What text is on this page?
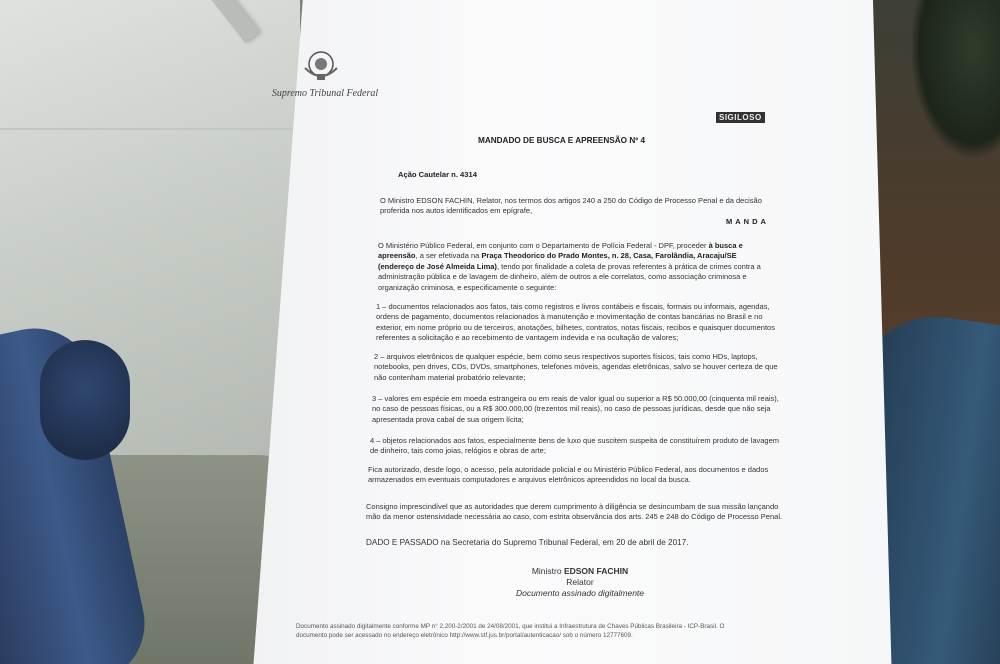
Supremo Tribunal Federal
SIGILOSO
MANDADO DE BUSCA E APREENSÃO Nº 4
Ação Cautelar n. 4314
O Ministro EDSON FACHIN, Relator, nos termos dos artigos 240 a 250 do Código de Processo Penal e da decisão proferida nos autos identificados em epígrafe,
MANDA

O Ministério Público Federal, em conjunto com o Departamento de Polícia Federal - DPF, proceder à busca e apreensão, a ser efetivada na Praça Theodorico do Prado Montes, n. 28, Casa, Farolândia, Aracaju/SE (endereço de José Almeida Lima), tendo por finalidade a coleta de provas referentes à prática de crimes contra a administração pública e de lavagem de dinheiro, além de outros a ele correlatos, como associação criminosa e organização criminosa, e especificamente o seguinte:

1 – documentos relacionados aos fatos, tais como registros e livros contábeis e fiscais, formais ou informais, agendas, ordens de pagamento, documentos relacionados à manutenção e movimentação de contas bancárias no Brasil e no exterior, em nome próprio ou de terceiros, anotações, bilhetes, contratos, notas fiscais, recibos e quaisquer documentos referentes a solicitação e ao recebimento de vantagem indevida e na ocultação de valores;
2 – arquivos eletrônicos de qualquer espécie, bem como seus respectivos suportes físicos, tais como HDs, laptops, notebooks, pen drives, CDs, DVDs, smartphones, telefones móveis, agendas eletrônicas, salvo se houver certeza de que não contenham material probatório relevante;
3 – valores em espécie em moeda estrangeira ou em reais de valor igual ou superior a R$ 50.000,00 (cinquenta mil reais), no caso de pessoas físicas, ou a R$ 300.000,00 (trezentos mil reais), no caso de pessoas jurídicas, desde que não seja apresentada prova cabal de sua origem lícita;
4 – objetos relacionados aos fatos, especialmente bens de luxo que suscitem suspeita de constituírem produto de lavagem de dinheiro, tais como joias, relógios e obras de arte;
Fica autorizado, desde logo, o acesso, pela autoridade policial e ou Ministério Público Federal, aos documentos e dados armazenados em eventuais computadores e arquivos eletrônicos apreendidos no local da busca.
Consigno imprescindível que as autoridades que derem cumprimento à diligência se desincumbam de sua missão lançando mão da menor ostensividade necessária ao caso, com estrita observância dos arts. 245 e 248 do Código de Processo Penal.
DADO E PASSADO na Secretaria do Supremo Tribunal Federal, em 20 de abril de 2017.
Ministro EDSON FACHIN
Relator
Documento assinado digitalmente
Documento assinado digitalmente conforme MP n° 2.200-2/2001 de 24/08/2001, que institui a Infraestrutura de Chaves Públicas Brasileira - ICP-Brasil. O
documento pode ser acessado no endereço eletrônico http://www.stf.jus.br/portal/autenticacao/ sob o número 12777609.
